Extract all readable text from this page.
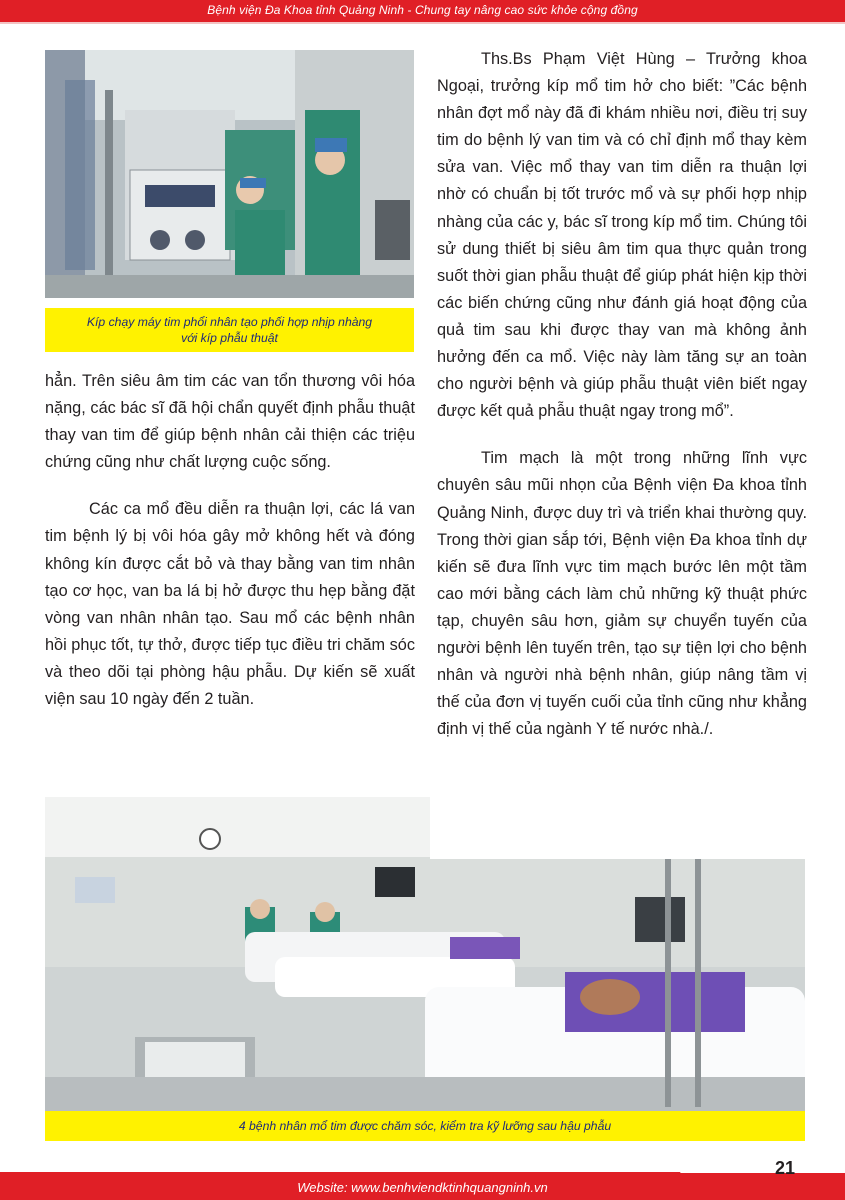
Bệnh viện Đa Khoa tỉnh Quảng Ninh - Chung tay nâng cao sức khỏe cộng đồng
Kíp chạy máy tim phổi nhân tạo phối hợp nhịp nhàng
với kíp phẫu thuật

hẳn. Trên siêu âm tim các van tổn thương vôi hóa nặng, các bác sĩ đã hội chẩn quyết định phẫu thuật thay van tim để giúp bệnh nhân cải thiện các triệu chứng cũng như chất lượng cuộc sống.

Các ca mổ đều diễn ra thuận lợi, các lá van tim bệnh lý bị vôi hóa gây mở không hết và đóng không kín được cắt bỏ và thay bằng van tim nhân tạo cơ học, van ba lá bị hở được thu hẹp bằng đặt vòng van nhân nhân tạo. Sau mổ các bệnh nhân hồi phục tốt, tự thở, được tiếp tục điều tri chăm sóc và theo dõi tại phòng hậu phẫu. Dự kiến sẽ xuất viện sau 10 ngày đến 2 tuần.

Ths.Bs Phạm Việt Hùng – Trưởng khoa Ngoại, trưởng kíp mổ tim hở cho biết: ”Các bệnh nhân đợt mổ này đã đi khám nhiều nơi, điều trị suy tim do bệnh lý van tim và có chỉ định mổ thay kèm sửa van. Việc mổ thay van tim diễn ra thuận lợi nhờ có chuẩn bị tốt trước mổ và sự phối hợp nhịp nhàng của các y, bác sĩ trong kíp mổ tim. Chúng tôi sử dung thiết bị siêu âm tim qua thực quản trong suốt thời gian phẫu thuật để giúp phát hiện kịp thời các biến chứng cũng như đánh giá hoạt động của quả tim sau khi được thay van mà không ảnh hưởng đến ca mổ. Việc này làm tăng sự an toàn cho người bệnh và giúp phẫu thuật viên biết ngay được kết quả phẫu thuật ngay trong mổ”.

Tim mạch là một trong những lĩnh vực chuyên sâu mũi nhọn của Bệnh viện Đa khoa tỉnh Quảng Ninh, được duy trì và triển khai thường quy. Trong thời gian sắp tới, Bệnh viện Đa khoa tỉnh dự kiến sẽ đưa lĩnh vực tim mạch bước lên một tầm cao mới bằng cách làm chủ những kỹ thuật phức tạp, chuyên sâu hơn, giảm sự chuyển tuyến của người bệnh lên tuyến trên, tạo sự tiện lợi cho bệnh nhân và người nhà bệnh nhân, giúp nâng tầm vị thế của đơn vị tuyến cuối của tỉnh cũng như khẳng định vị thế của ngành Y tế nước nhà./.

4 bệnh nhân mổ tim được chăm sóc, kiểm tra kỹ lưỡng sau hậu phẫu
21
Website: www.benhviendktinhquangninh.vn
